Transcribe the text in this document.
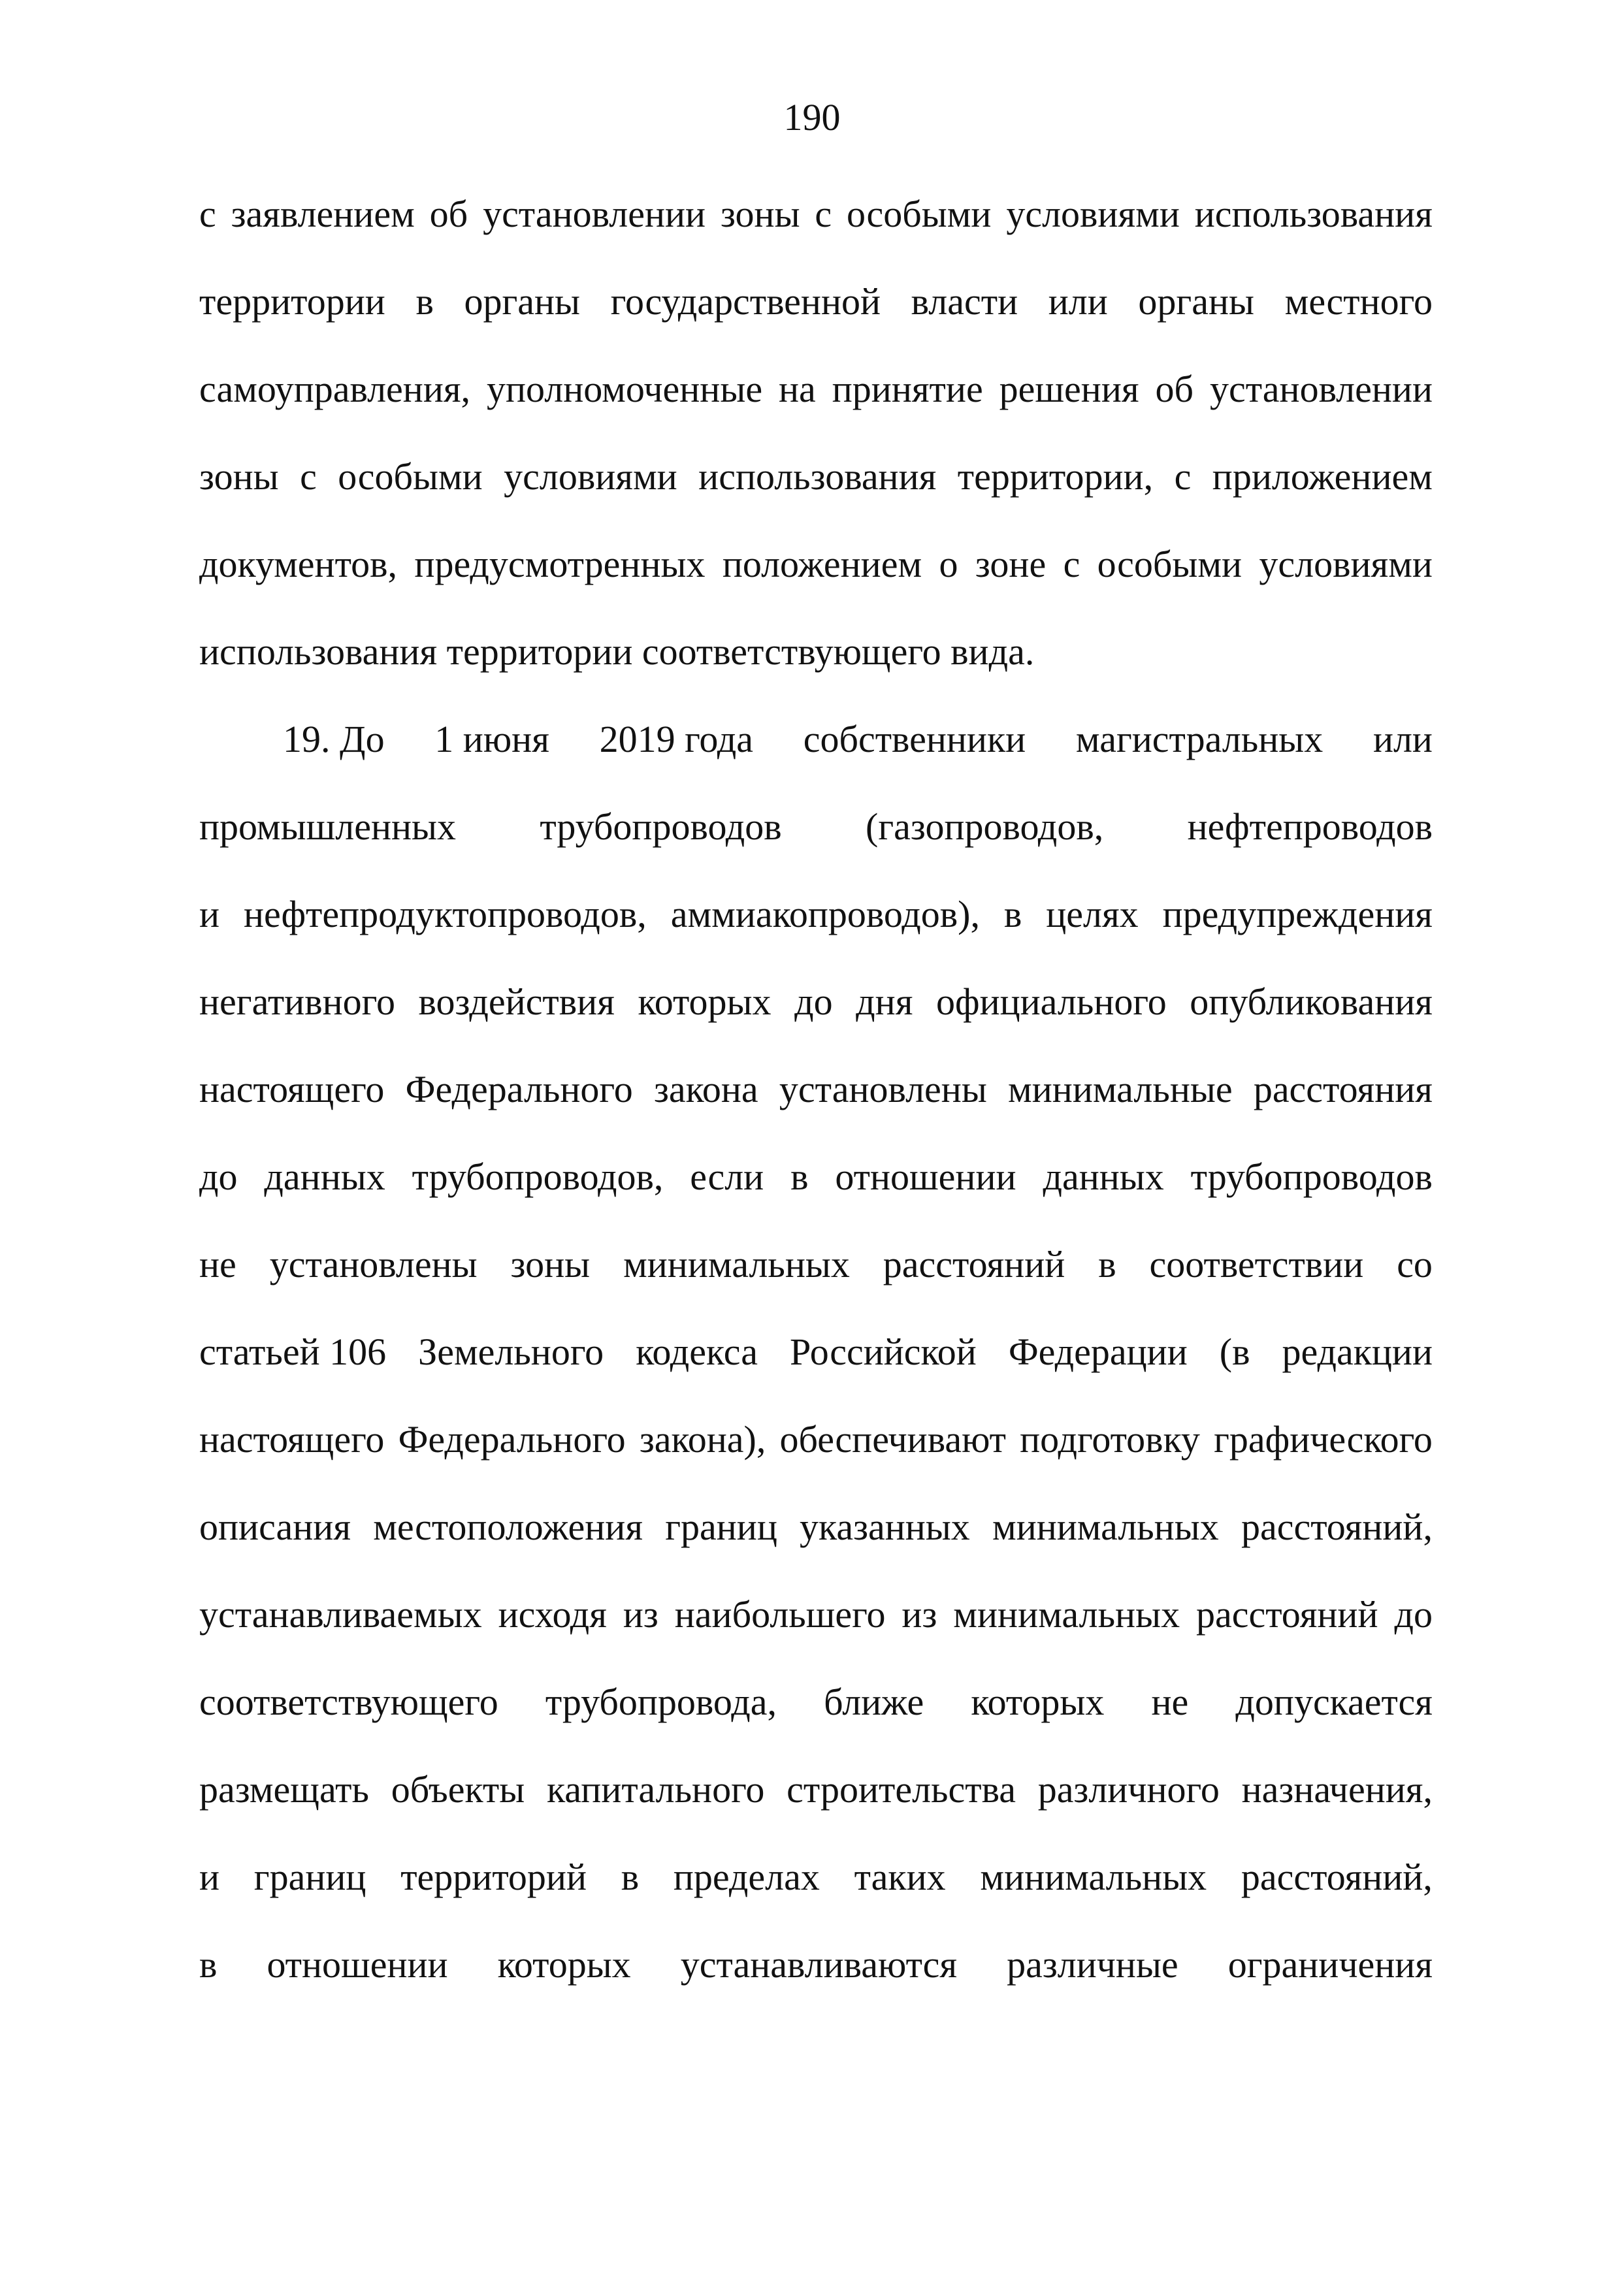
190
с заявлением об установлении зоны с особыми условиями использования
территории в органы государственной власти или органы местного
самоуправления, уполномоченные на принятие решения об установлении
зоны с особыми условиями использования территории, с приложением
документов, предусмотренных положением о зоне с особыми условиями
использования территории соответствующего вида.
19. До 1 июня 2019 года собственники магистральных или
промышленных трубопроводов (газопроводов, нефтепроводов
и нефтепродуктопроводов, аммиакопроводов), в целях предупреждения
негативного воздействия которых до дня официального опубликования
настоящего Федерального закона установлены минимальные расстояния
до данных трубопроводов, если в отношении данных трубопроводов
не установлены зоны минимальных расстояний в соответствии со
статьей 106 Земельного кодекса Российской Федерации (в редакции
настоящего Федерального закона), обеспечивают подготовку графического
описания местоположения границ указанных минимальных расстояний,
устанавливаемых исходя из наибольшего из минимальных расстояний до
соответствующего трубопровода, ближе которых не допускается
размещать объекты капитального строительства различного назначения,
и границ территорий в пределах таких минимальных расстояний,
в отношении которых устанавливаются различные ограничения
